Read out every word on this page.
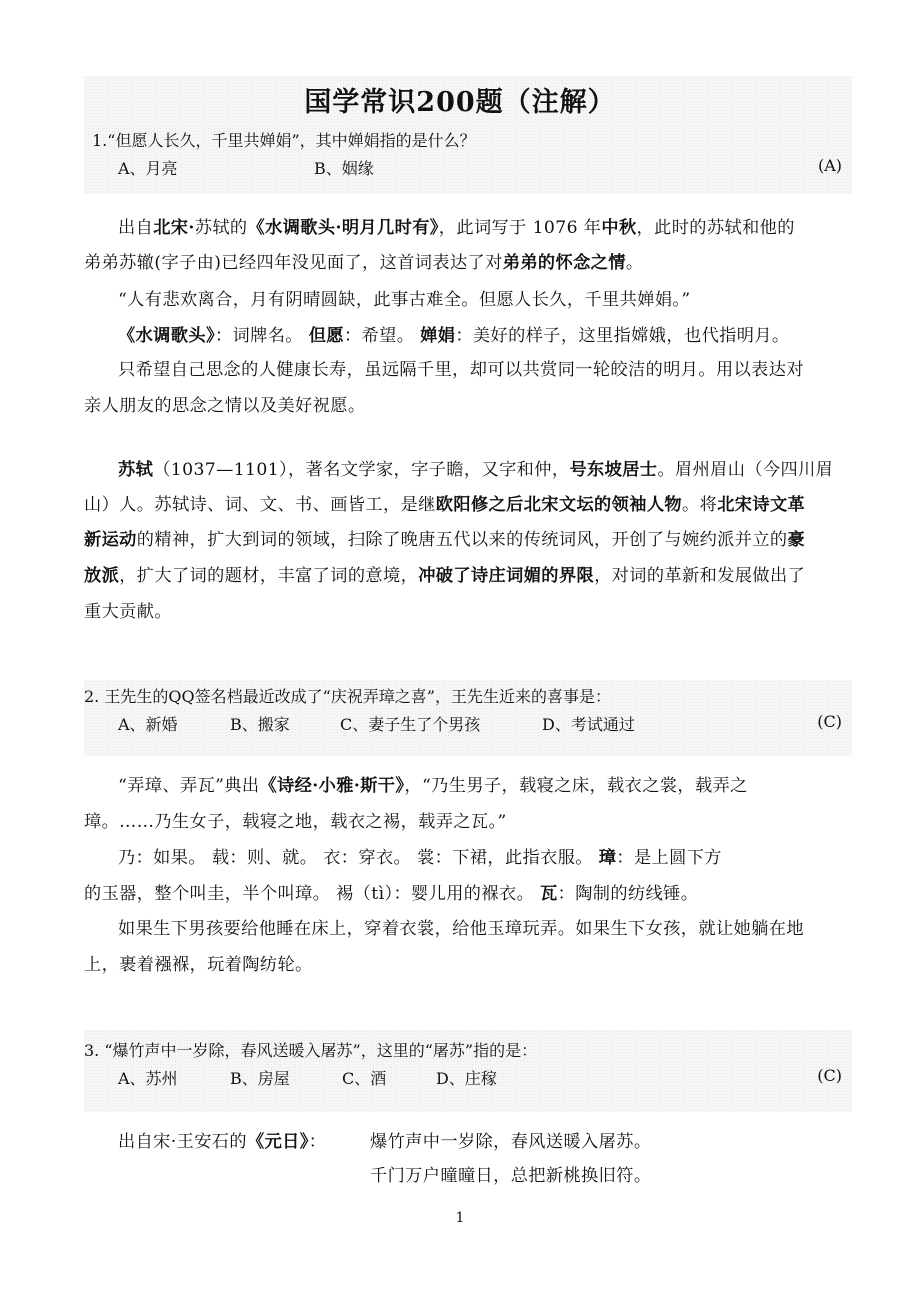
国学常识200题（注解）
1.“但愿人长久，千里共婵娟”，其中婵娟指的是什么？
A、月亮	B、姻缘	(A)
出自北宋·苏轼的《水调歌头·明月几时有》，此词写于 1076 年中秋，此时的苏轼和他的
弟弟苏辙(字子由)已经四年没见面了，这首词表达了对弟弟的怀念之情。
“人有悲欢离合，月有阴晴圆缺，此事古难全。但愿人长久，千里共婵娟。”
《水调歌头》：词牌名。 但愿：希望。 婵娟：美好的样子，这里指嫦娥，也代指明月。
只希望自己思念的人健康长寿，虽远隔千里，却可以共赏同一轮皎洁的明月。用以表达对
亲人朋友的思念之情以及美好祝愿。
苏轼（1037—1101），著名文学家，字子瞻，又字和仲，号东坡居士。眉州眉山（今四川眉
山）人。苏轼诗、词、文、书、画皆工，是继欧阳修之后北宋文坛的领袖人物。将北宋诗文革
新运动的精神，扩大到词的领域，扫除了晚唐五代以来的传统词风，开创了与婉约派并立的豪
放派，扩大了词的题材，丰富了词的意境，冲破了诗庄词媚的界限，对词的革新和发展做出了
重大贡献。
2. 王先生的QQ签名档最近改成了“庆祝弄璋之喜”，王先生近来的喜事是：
A、新婚	B、搬家	C、妻子生了个男孩	D、考试通过	(C)
“弄璋、弄瓦”典出《诗经·小雅·斯干》，“乃生男子，载寝之床，载衣之裳，载弄之
璋。……乃生女子，载寝之地，载衣之裼，载弄之瓦。”
乃：如果。 载：则、就。 衣：穿衣。 裳：下裙，此指衣服。 璋：是上圆下方
的玉器，整个叫圭，半个叫璋。 裼（tì）：婴儿用的褓衣。 瓦：陶制的纺线锤。
如果生下男孩要给他睡在床上，穿着衣裳，给他玉璋玩弄。如果生下女孩，就让她躺在地
上，裹着襁褓，玩着陶纺轮。
3. “爆竹声中一岁除，春风送暖入屠苏”，这里的“屠苏”指的是：
A、苏州	B、房屋	C、酒	D、庄稼	(C)
出自宋·王安石的《元日》：	爆竹声中一岁除，春风送暖入屠苏。
千门万户曈曈日，总把新桃换旧符。
1
